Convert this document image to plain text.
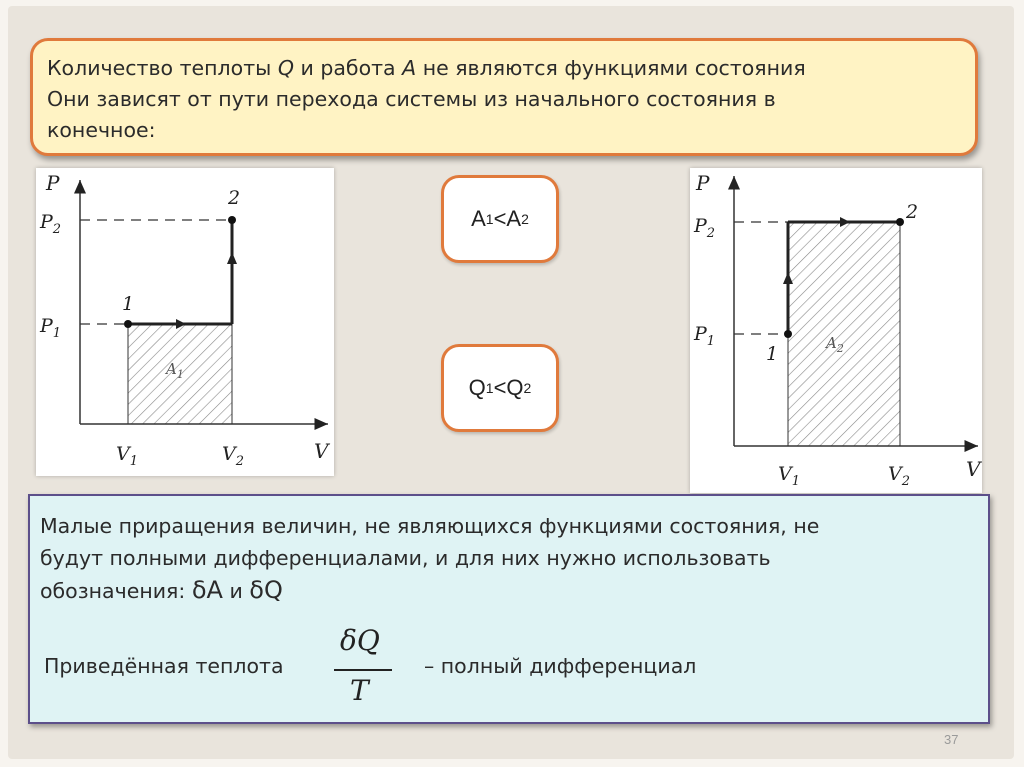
Количество теплоты Q и работа A не являются функциями состояния
Они зависят от пути перехода системы из начального состояния в
конечное:
P
V
$P_2$
$P_1$
$V_1$	$V_2$
1
2
$A_1$
A 1 <A 2
Q 1 <Q 2
P
V
$P_2$
$P_1$
$V_1$	$V_2$
1
2
$A_2$
Малые приращения величин, не являющихся функциями состояния, не
будут полными дифференциалами, и для них нужно использовать
обозначения: δA и δQ
Приведённая теплота
δQ
T
– полный дифференциал
37
